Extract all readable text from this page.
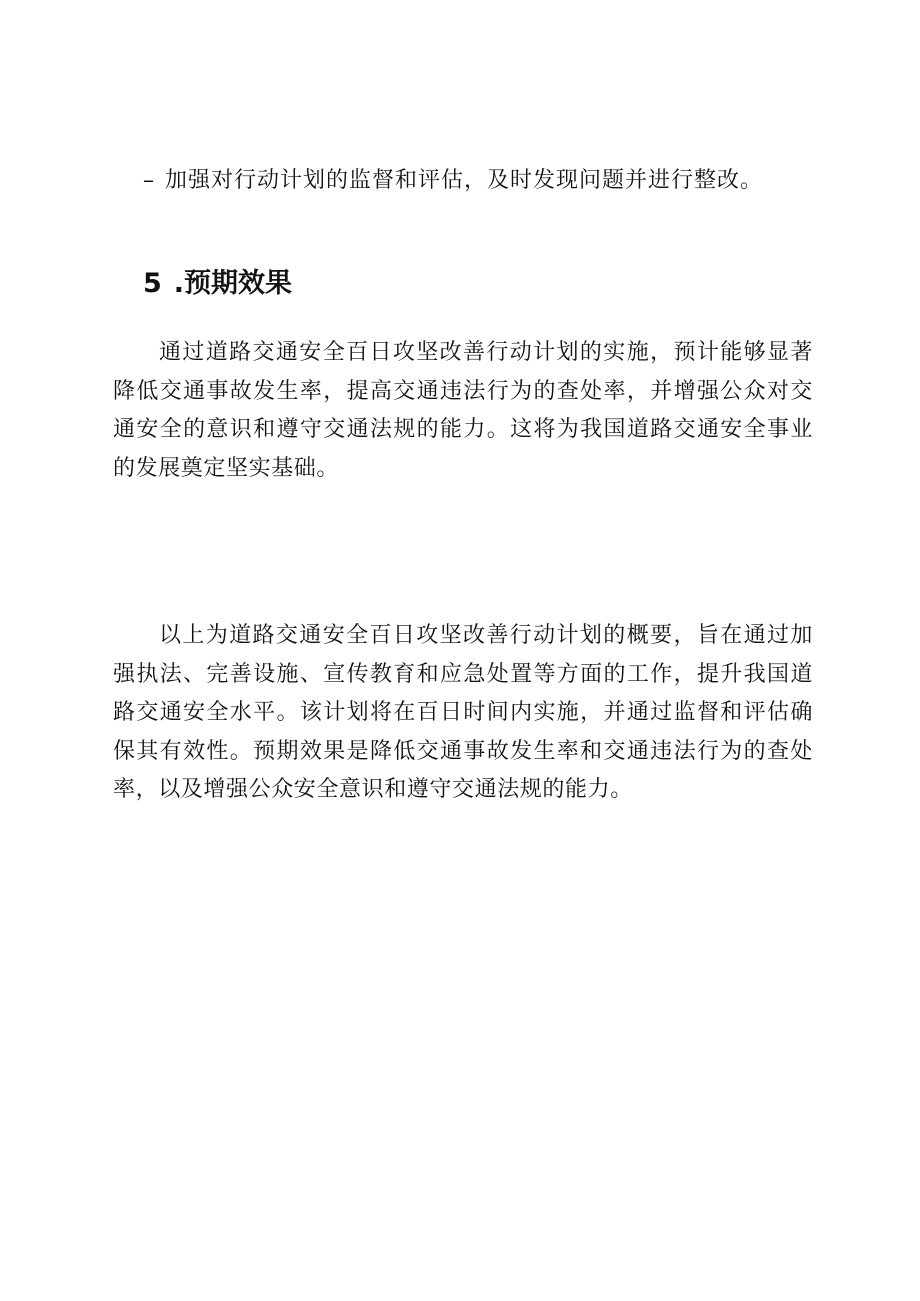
– 加强对行动计划的监督和评估，及时发现问题并进行整改。
5 .预期效果
通过道路交通安全百日攻坚改善行动计划的实施，预计能够显著
降低交通事故发生率，提高交通违法行为的查处率，并增强公众对交
通安全的意识和遵守交通法规的能力。这将为我国道路交通安全事业
的发展奠定坚实基础。
以上为道路交通安全百日攻坚改善行动计划的概要，旨在通过加
强执法、完善设施、宣传教育和应急处置等方面的工作，提升我国道
路交通安全水平。该计划将在百日时间内实施，并通过监督和评估确
保其有效性。预期效果是降低交通事故发生率和交通违法行为的查处
率，以及增强公众安全意识和遵守交通法规的能力。
